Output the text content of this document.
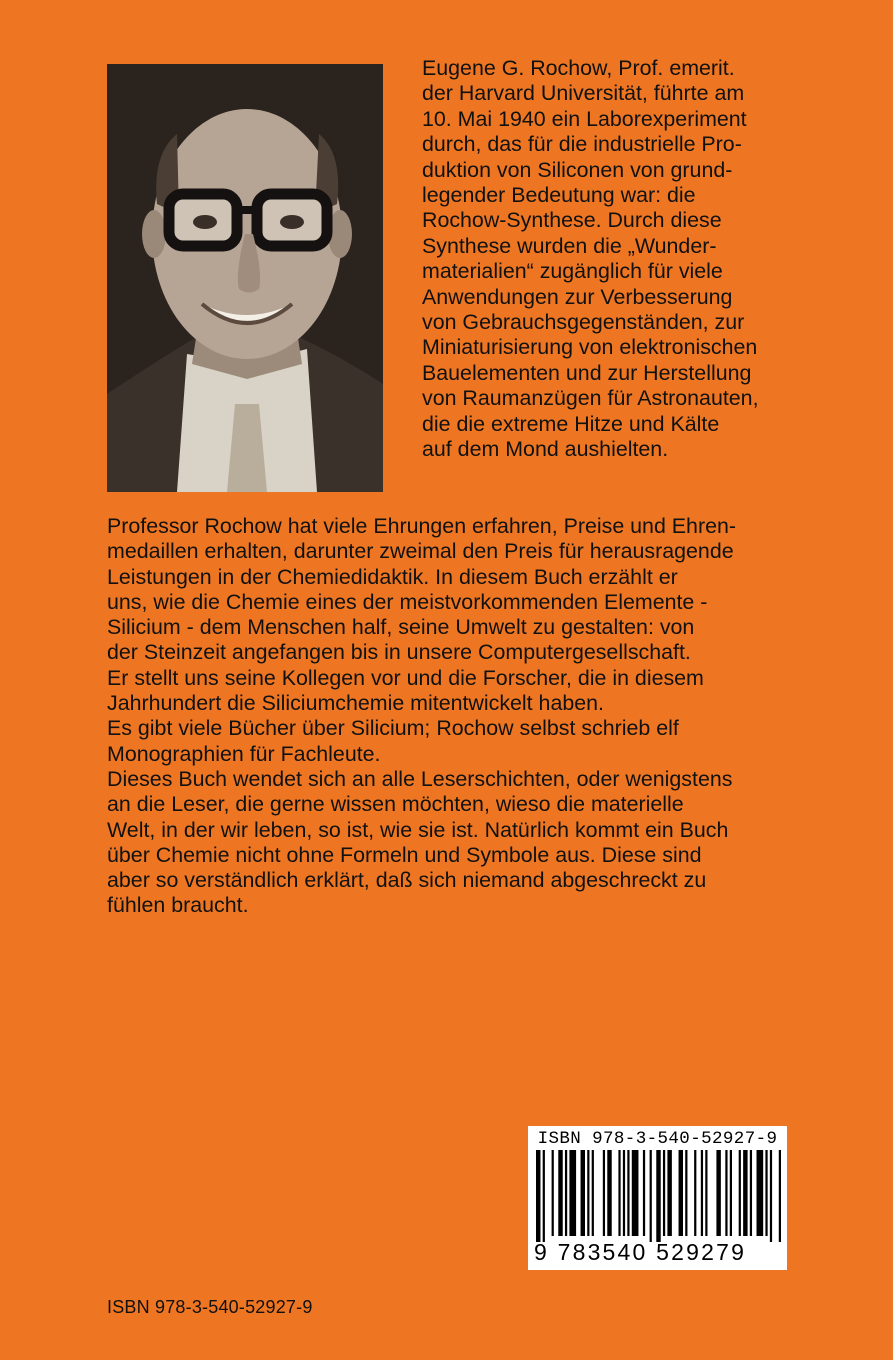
Eugene G. Rochow, Prof. emerit.
der Harvard Universität, führte am
10. Mai 1940 ein Laborexperiment
durch, das für die industrielle Pro-
duktion von Siliconen von grund-
legender Bedeutung war: die
Rochow-Synthese. Durch diese
Synthese wurden die „Wunder-
materialien“ zugänglich für viele
Anwendungen zur Verbesserung
von Gebrauchsgegenständen, zur
Miniaturisierung von elektronischen
Bauelementen und zur Herstellung
von Raumanzügen für Astronauten,
die die extreme Hitze und Kälte
auf dem Mond aushielten.

Professor Rochow hat viele Ehrungen erfahren, Preise und Ehren-
medaillen erhalten, darunter zweimal den Preis für herausragende
Leistungen in der Chemiedidaktik. In diesem Buch erzählt er
uns, wie die Chemie eines der meistvorkommenden Elemente -
Silicium - dem Menschen half, seine Umwelt zu gestalten: von
der Steinzeit angefangen bis in unsere Computergesellschaft.
Er stellt uns seine Kollegen vor und die Forscher, die in diesem
Jahrhundert die Siliciumchemie mitentwickelt haben.
Es gibt viele Bücher über Silicium; Rochow selbst schrieb elf
Monographien für Fachleute.
Dieses Buch wendet sich an alle Leserschichten, oder wenigstens
an die Leser, die gerne wissen möchten, wieso die materielle
Welt, in der wir leben, so ist, wie sie ist. Natürlich kommt ein Buch
über Chemie nicht ohne Formeln und Symbole aus. Diese sind
aber so verständlich erklärt, daß sich niemand abgeschreckt zu
fühlen braucht.

ISBN 978-3-540-52927-9
9 783540 529279
ISBN 978-3-540-52927-9
